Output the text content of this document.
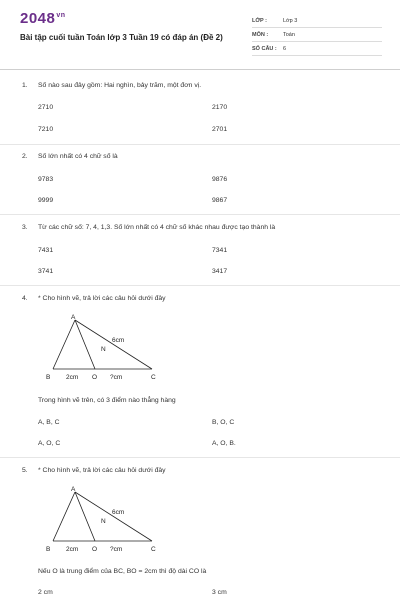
$2048^{vn}$
Bài tập cuối tuần Toán lớp 3 Tuần 19 có đáp án (Đề 2)
LỚP :	Lớp 3
MÔN :	Toán
SỐ CÂU :	6
1. Số nào sau đây gồm: Hai nghìn, bảy trăm, một đơn vị.
2710	2170
7210	2701
2. Số lớn nhất có 4 chữ số là
9783	9876
9999	9867
3. Từ các chữ số: 7, 4, 1,3. Số lớn nhất có 4 chữ số khác nhau được tạo thành là
7431	7341
3741	3417
4. * Cho hình vẽ, trả lời các câu hỏi dưới đây
A
B	C
N
O
6cm
2cm	?cm
Trong hình vẽ trên, có 3 điểm nào thẳng hàng
A, B, C	B, O, C
A, O, C	A, O, B.
5. * Cho hình vẽ, trả lời các câu hỏi dưới đây
A
B	C
N
O
6cm
2cm	?cm
Nếu O là trung điểm của BC, BO = 2cm thì độ dài CO là
2 cm	3 cm
